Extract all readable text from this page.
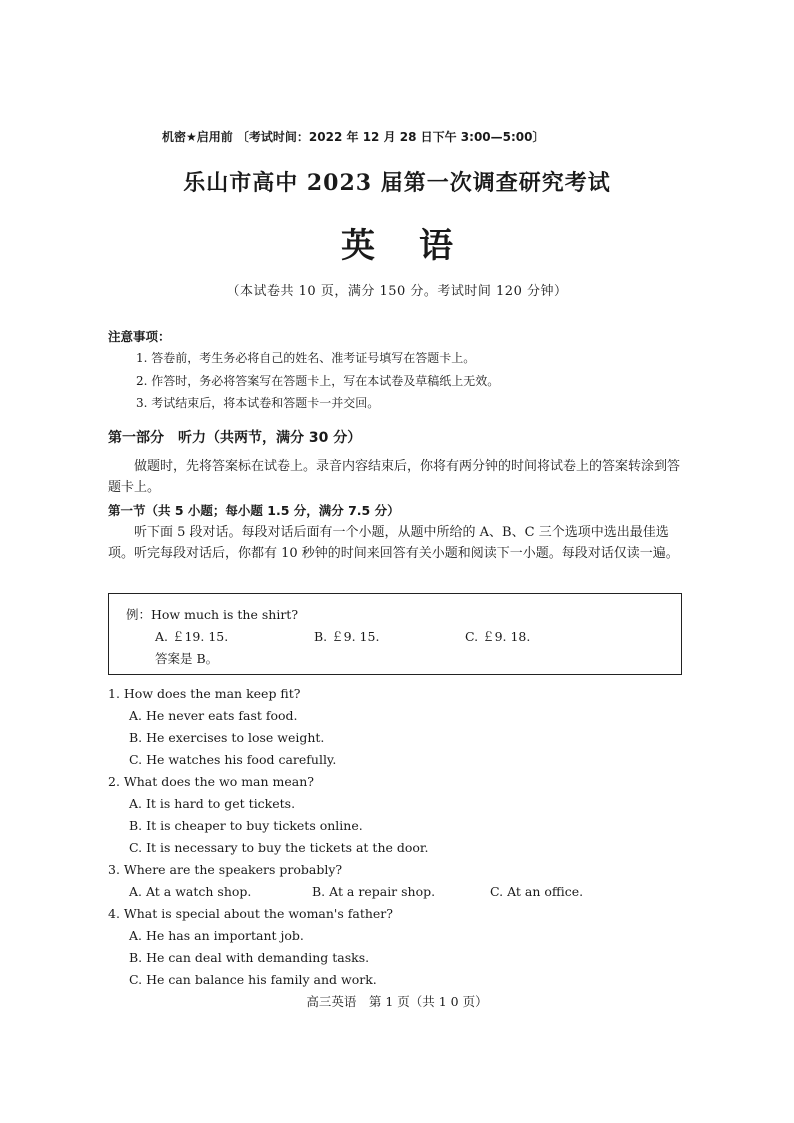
机密★启用前 〔考试时间：2022 年 12 月 28 日下午 3:00—5:00〕
乐山市高中 2023 届第一次调查研究考试
英语
（本试卷共 10 页，满分 150 分。考试时间 120 分钟）
注意事项：
1. 答卷前，考生务必将自己的姓名、准考证号填写在答题卡上。
2. 作答时，务必将答案写在答题卡上，写在本试卷及草稿纸上无效。
3. 考试结束后，将本试卷和答题卡一并交回。
第一部分　听力（共两节，满分 30 分）
做题时，先将答案标在试卷上。录音内容结束后，你将有两分钟的时间将试卷上的答案转涂到答题卡上。
第一节（共 5 小题；每小题 1.5 分，满分 7.5 分）
听下面 5 段对话。每段对话后面有一个小题，从题中所给的 A、B、C 三个选项中选出最佳选项。听完每段对话后，你都有 10 秒钟的时间来回答有关小题和阅读下一小题。每段对话仅读一遍。
例：How much is the shirt?
A. ￡19. 15.	B. ￡9. 15.	C. ￡9. 18.
答案是 B。
1. How does the man keep fit?
A. He never eats fast food.
B. He exercises to lose weight.
C. He watches his food carefully.
2. What does the wo man mean?
A. It is hard to get tickets.
B. It is cheaper to buy tickets online.
C. It is necessary to buy the tickets at the door.
3. Where are the speakers probably?
A. At a watch shop.	B. At a repair shop.	C. At an office.
4. What is special about the woman's father?
A. He has an important job.
B. He can deal with demanding tasks.
C. He can balance his family and work.
高三英语　第 1 页（共 1 0 页）
